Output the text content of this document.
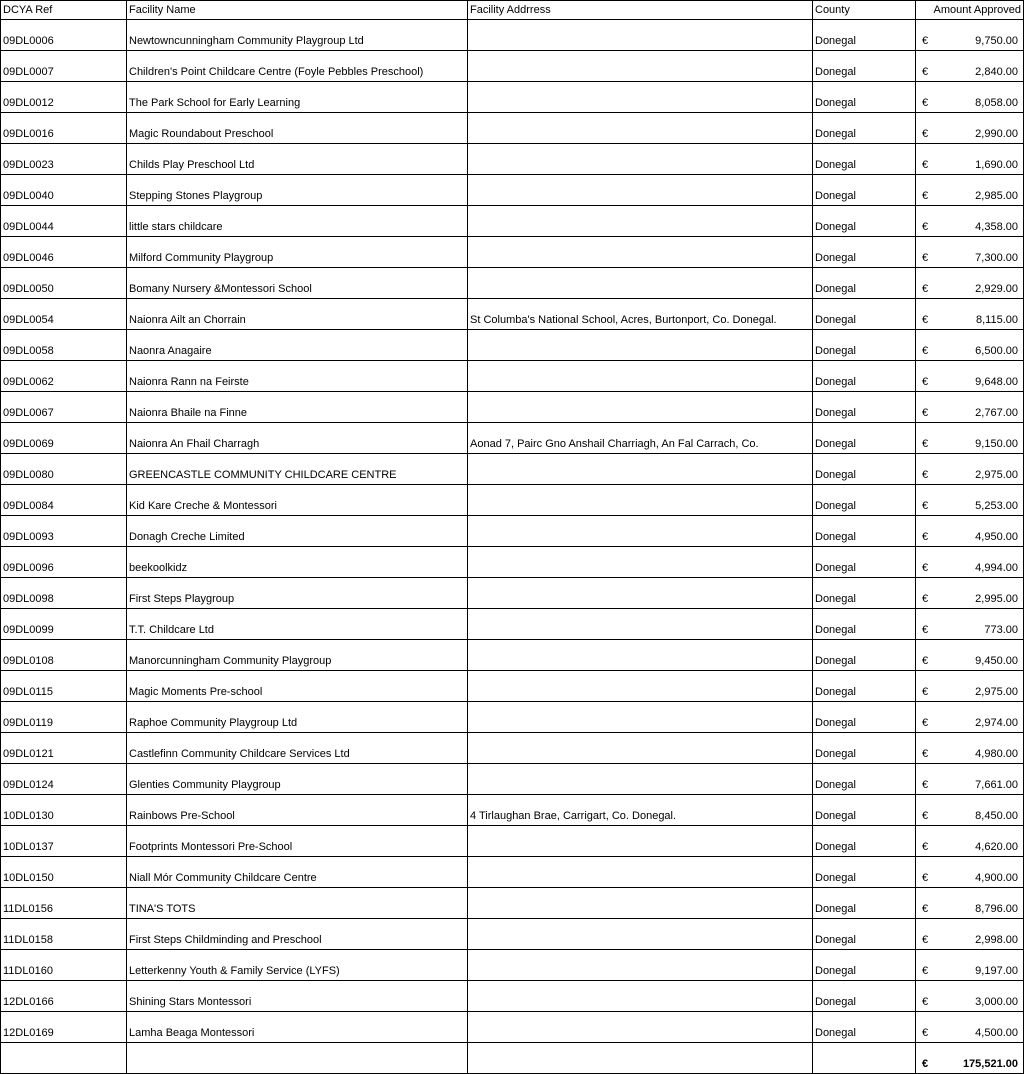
DCYA Ref	Facility Name	Facility Addrress	County	Amount Approved
09DL0006	Newtowncunningham Community Playgroup Ltd		Donegal	€ 9,750.00

09DL0007	Children's Point Childcare Centre (Foyle Pebbles Preschool)		Donegal	€ 2,840.00

09DL0012	The Park School for Early Learning		Donegal	€ 8,058.00

09DL0016	Magic Roundabout Preschool		Donegal	€ 2,990.00

09DL0023	Childs Play Preschool Ltd		Donegal	€ 1,690.00

09DL0040	Stepping Stones Playgroup		Donegal	€ 2,985.00

09DL0044	little stars childcare		Donegal	€ 4,358.00

09DL0046	Milford Community Playgroup		Donegal	€ 7,300.00

09DL0050	Bomany Nursery &Montessori School		Donegal	€ 2,929.00

09DL0054	Naionra Ailt an Chorrain	St Columba's National School, Acres, Burtonport, Co. Donegal.	Donegal	€ 8,115.00

09DL0058	Naonra Anagaire		Donegal	€ 6,500.00

09DL0062	Naionra Rann na Feirste		Donegal	€ 9,648.00

09DL0067	Naionra Bhaile na Finne		Donegal	€ 2,767.00

09DL0069	Naionra An Fhail Charragh	Aonad 7, Pairc Gno Anshail Charriagh, An Fal Carrach, Co.	Donegal	€ 9,150.00

09DL0080	GREENCASTLE COMMUNITY CHILDCARE CENTRE		Donegal	€ 2,975.00

09DL0084	Kid Kare Creche & Montessori		Donegal	€ 5,253.00

09DL0093	Donagh Creche Limited		Donegal	€ 4,950.00

09DL0096	beekoolkidz		Donegal	€ 4,994.00

09DL0098	First Steps Playgroup		Donegal	€ 2,995.00

09DL0099	T.T. Childcare Ltd		Donegal	€ 773.00

09DL0108	Manorcunningham Community Playgroup		Donegal	€ 9,450.00

09DL0115	Magic Moments Pre-school		Donegal	€ 2,975.00

09DL0119	Raphoe Community Playgroup Ltd		Donegal	€ 2,974.00

09DL0121	Castlefinn Community Childcare Services Ltd		Donegal	€ 4,980.00

09DL0124	Glenties Community Playgroup		Donegal	€ 7,661.00

10DL0130	Rainbows Pre-School	4 Tirlaughan Brae, Carrigart, Co. Donegal.	Donegal	€ 8,450.00

10DL0137	Footprints Montessori Pre-School		Donegal	€ 4,620.00

10DL0150	Niall Mór Community Childcare Centre		Donegal	€ 4,900.00

11DL0156	TINA'S TOTS		Donegal	€ 8,796.00

11DL0158	First Steps Childminding and Preschool		Donegal	€ 2,998.00

11DL0160	Letterkenny Youth & Family Service (LYFS)		Donegal	€ 9,197.00

12DL0166	Shining Stars Montessori		Donegal	€ 3,000.00

12DL0169	Lamha Beaga Montessori		Donegal	€ 4,500.00

				€ 175,521.00
